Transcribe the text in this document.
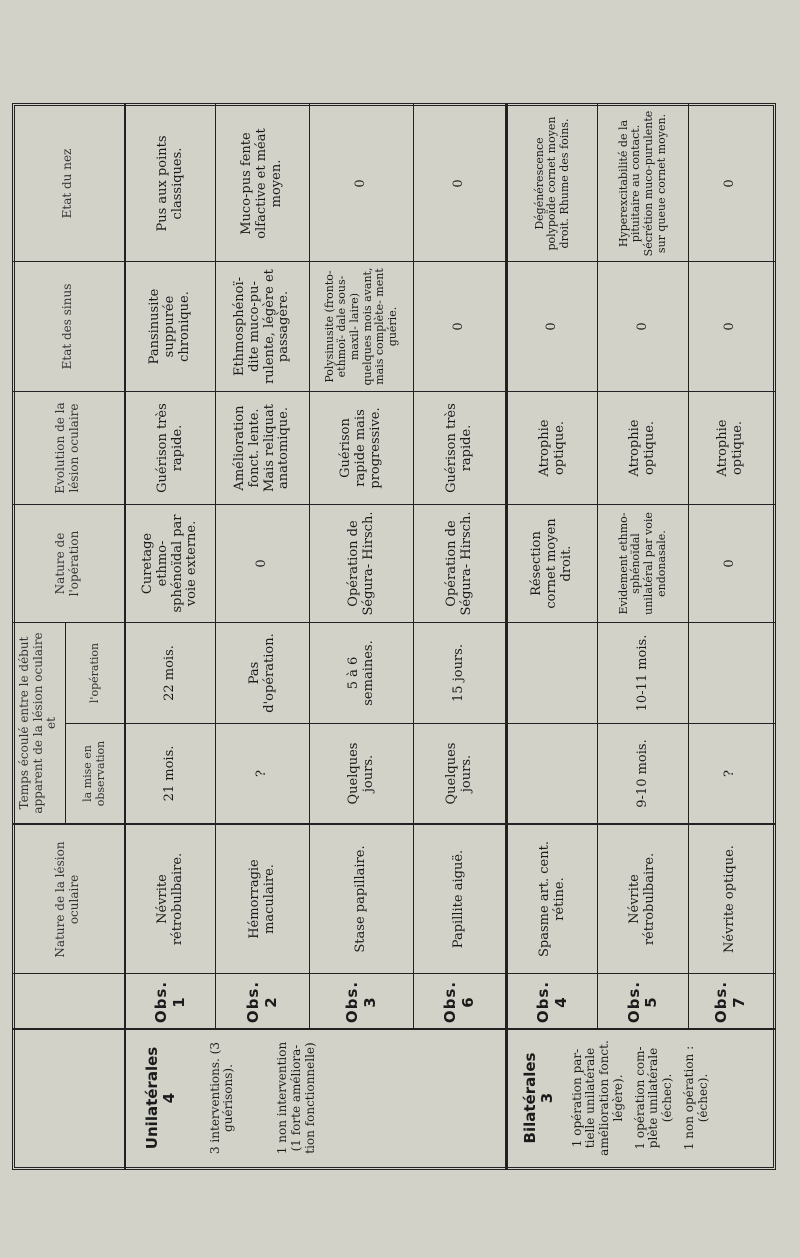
Nature de la lésion oculaire
Temps écoulé entre le début apparent de la lésion oculaire et
la mise en observation
l'opération
Nature de l'opération
Evolution de la lésion oculaire
Etat des sinus
Etat du nez
Unilatérales 4 3 interventions. (3 guérisons).	1 non intervention (1 forte améliora- tion fonctionnelle)	Bilatérales 3 1 opération par- tielle unilatérale amélioration fonct. légère). 1 opération com- plète unilatérale (échec). 1 non opération : (échec).
Obs. 1
Névrite rétrobulbaire.
21 mois.
22 mois.
Curetage ethmo- sphénoïdal par voie externe.
Guérison très rapide.
Pansinusite suppurée chronique.
Pus aux points classiques.
Obs. 2
Hémorragie maculaire.
?
Pas d'opération.
0
Amélioration fonct. lente. Mais reliquat anatomique.
Ethmosphénoï- dite muco-pu- rulente, légère et passagère.
Muco-pus fente olfactive et méat moyen.
Obs. 3
Stase papillaire.
Quelques jours.
5 à 6 semaines.
Opération de Ségura- Hirsch.
Guérison rapide mais progressive.
Polysinusite (fronto-ethmoï- dale sous-maxil- laire) quelques mois avant, mais complète- ment guérie.
0
Obs. 6
Papillite aiguë.
Quelques jours.
15 jours.
Opération de Ségura- Hirsch.
Guérison très rapide.
0
0
Obs. 4
Spasme art. cent. rétine.
Résection cornet moyen droit.
Atrophie optique.
0
Dégénérescence polypoïde cornet moyen droit. Rhume des foins.
Obs. 5
Névrite rétrobulbaire.
9-10 mois.
10-11 mois.
Evidement ethmo- sphénoïdal unilatéral par voie endonasale.
Atrophie optique.
0
Hyperexcitabilité de la pituitaire au contact. Sécrétion muco-purulente sur queue cornet moyen.
Obs. 7
Névrite optique.
?
0
Atrophie optique.
0
0
